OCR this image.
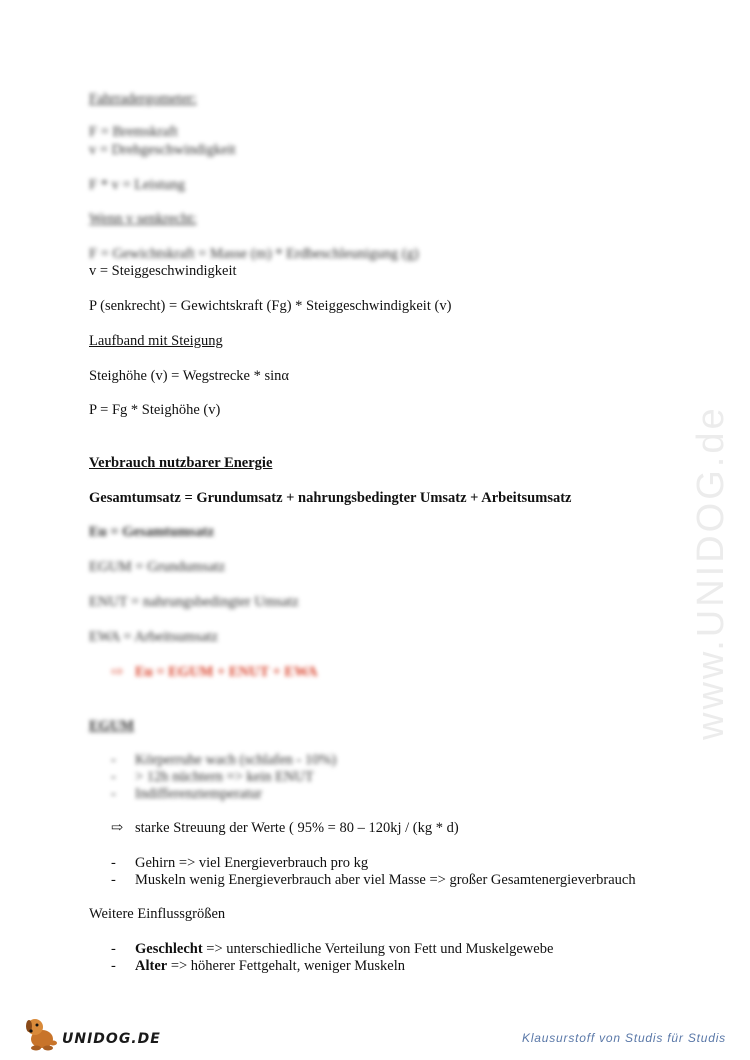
www.UNIDOG.de
Fahrradergometer:
F = Bremskraft
v = Drehgeschwindigkeit
F * v = Leistung
Wenn v senkrecht:
F = Gewichtskraft = Masse (m) * Erdbeschleunigung (g)
v = Steiggeschwindigkeit
P (senkrecht) = Gewichtskraft (Fg) * Steiggeschwindigkeit (v)
Laufband mit Steigung
Steighöhe (v) = Wegstrecke * sinα
P = Fg * Steighöhe (v)
Verbrauch nutzbarer Energie
Gesamtumsatz = Grundumsatz + nahrungsbedingter Umsatz + Arbeitsumsatz
Eu = Gesamtumsatz
EGUM = Grundumsatz
ENUT = nahrungsbedingter Umsatz
EWA = Arbeitsumsatz
⇨ Eu = EGUM + ENUT + EWA
EGUM
- Körperruhe wach (schlafen - 10%)
- > 12h nüchtern => kein ENUT
- Indifferenztemperatur
⇨ starke Streuung der Werte ( 95% = 80 – 120kj / (kg * d)
- Gehirn => viel Energieverbrauch pro kg
- Muskeln wenig Energieverbrauch aber viel Masse => großer Gesamtenergieverbrauch
Weitere Einflussgrößen
- Geschlecht => unterschiedliche Verteilung von Fett und Muskelgewebe
- Alter => höherer Fettgehalt, weniger Muskeln
UNIDOG.DE	Klausurstoff von Studis für Studis
